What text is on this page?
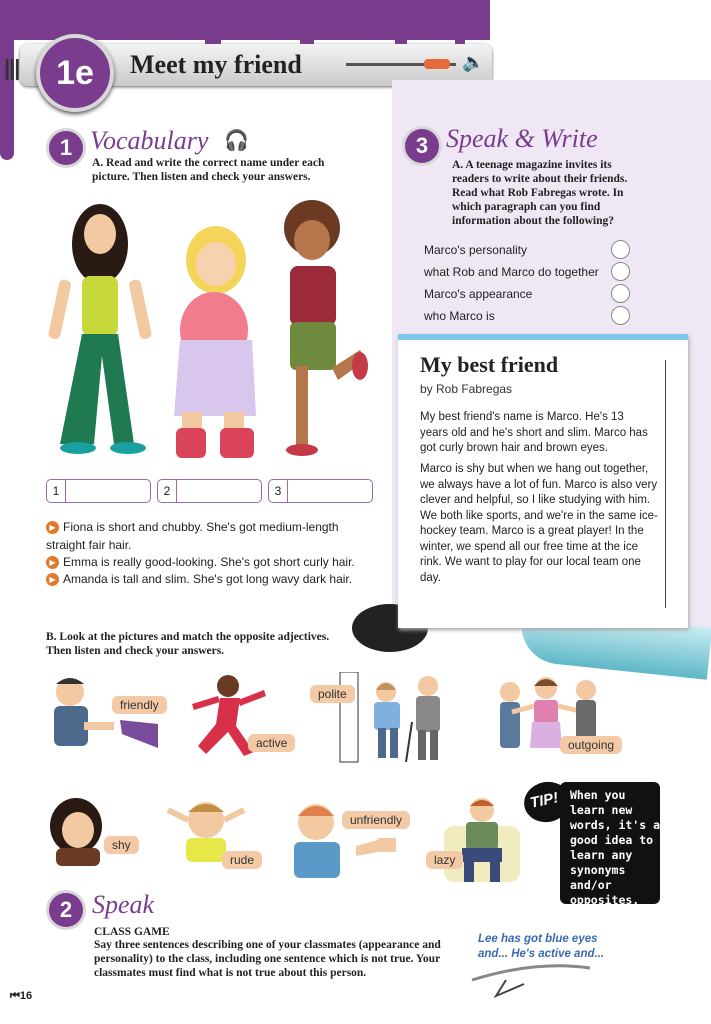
|||	1e	Meet my friend	🔈
1 Vocabulary 🎧
A. Read and write the correct name under each picture. Then listen and check your answers.
1	2	3
▶ Fiona is short and chubby. She's got medium-length straight fair hair.
▶ Emma is really good-looking. She's got short curly hair.
▶ Amanda is tall and slim. She's got long wavy dark hair.
3 Speak & Write
A. A teenage magazine invites its readers to write about their friends. Read what Rob Fabregas wrote. In which paragraph can you find information about the following?
Marco's personality
what Rob and Marco do together
Marco's appearance
who Marco is
My best friend
by Rob Fabregas
My best friend's name is Marco. He's 13 years old and he's short and slim. Marco has got curly brown hair and brown eyes.
Marco is shy but when we hang out together, we always have a lot of fun. Marco is also very clever and helpful, so I like studying with him. We both like sports, and we're in the same ice-hockey team. Marco is a great player! In the winter, we spend all our free time at the ice rink. We want to play for our local team one day.
B. Look at the pictures and match the opposite adjectives. Then listen and check your answers.
friendly
active
polite
outgoing
shy
rude
unfriendly
lazy
TIP! When you learn new words, it's a good idea to learn any synonyms and/or opposites.
2 Speak
CLASS GAME
Say three sentences describing one of your classmates (appearance and personality) to the class, including one sentence which is not true. Your classmates must find what is not true about this person.
Lee has got blue eyes and... He's active and...
⏮16
